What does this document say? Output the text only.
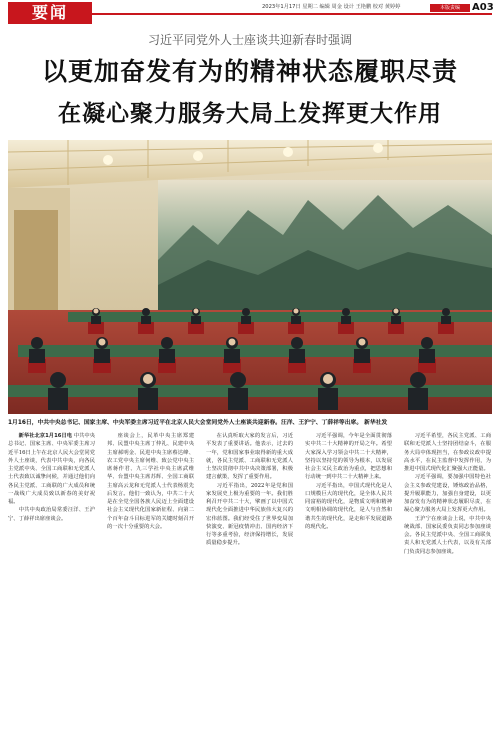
要闻	2023年1月17日 星期二 编辑 周金 设计 王艳鹏 校对 黄婷婷	本版责编	A03
习近平同党外人士座谈共迎新春时强调
以更加奋发有为的精神状态履职尽责
在凝心聚力服务大局上发挥更大作用
1月16日，中共中央总书记、国家主席、中央军委主席习近平在北京人民大会堂同党外人士座谈共迎新春。汪洋、王沪宁、丁薛祥等出席。 新华社发

新华社北京1月16日电 中共中央总书记、国家主席、中央军委主席习近平16日上午在北京人民大会堂同党外人士座谈，代表中共中央，向各民主党派中央、全国工商联和无党派人士代表致以诚挚问候，并通过他们向各民主党派、工商联的广大成员和统一战线广大成员致以新春的美好祝福。

中共中央政治局常委汪洋、王沪宁、丁薛祥出席座谈会。

座谈会上，民革中央主席郑建邦、民盟中央主席丁仲礼、民建中央主席郝明金、民进中央主席蔡达峰、农工党中央主席何维、致公党中央主席蒋作君、九三学社中央主席武维华、台盟中央主席苏辉、全国工商联主席高云龙和无党派人士代表杨震先后发言。他们一致认为，中共二十大是在全党全国各族人民迈上全面建设社会主义现代化国家新征程、向第二个百年奋斗目标进军的关键时刻召开的一次十分重要的大会。

在认真听取大家的发言后，习近平发表了重要讲话。他表示，过去的一年，党和国家事业取得新的重大成就，各民主党派、工商联和无党派人士坚决贯彻中共中央决策部署，积极建言献策，发挥了重要作用。

习近平指出，2022年是党和国家发展史上极为重要的一年。我们胜利召开中共二十大，擘画了以中国式现代化全面推进中华民族伟大复兴的宏伟蓝图。我们经受住了世界变局加快演变、新冠疫情冲击、国内经济下行等多重考验，经济保持增长，发展质量稳步提升。

习近平强调，今年是全面贯彻落实中共二十大精神的开局之年。希望大家深入学习领会中共二十大精神，坚持以坚持党的领导为根本，以发展社会主义民主政治为重点，把思想和行动统一到中共二十大精神上来。

习近平指出，中国式现代化是人口规模巨大的现代化，是全体人民共同富裕的现代化，是物质文明和精神文明相协调的现代化，是人与自然和谐共生的现代化，是走和平发展道路的现代化。

习近平希望，各民主党派、工商联和无党派人士坚持团结奋斗，在服务大局中体现担当，在参政议政中提高水平，在民主监督中发挥作用，为推进中国式现代化汇聚强大正能量。

习近平强调，要加强中国特色社会主义参政党建设，锤炼政治品格，提升履职能力，加强自身建设，以更加奋发有为的精神状态履职尽责，在凝心聚力服务大局上发挥更大作用。

王沪宁在座谈会上说，中共中央统战部、国家民委负责同志参加座谈会。各民主党派中央、全国工商联负责人和无党派人士代表，以及有关部门负责同志参加座谈。
